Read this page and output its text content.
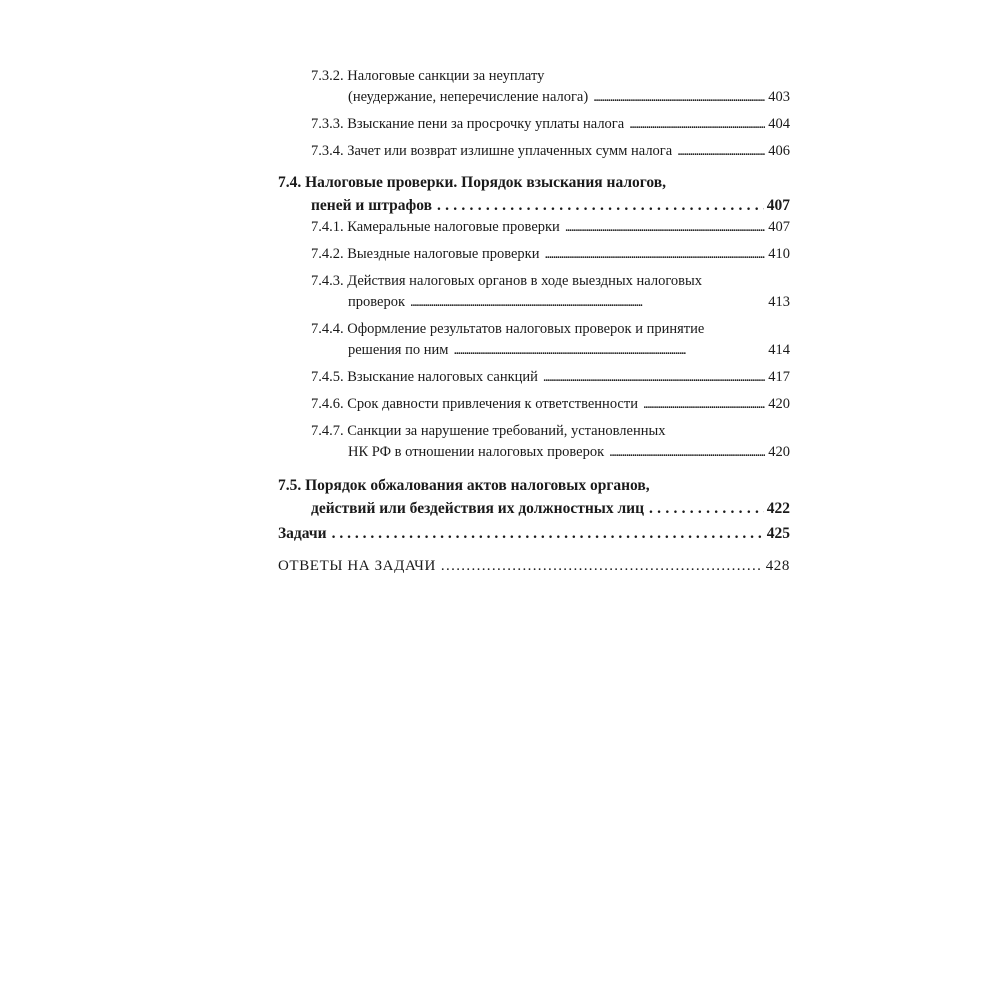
7.3.2. Налоговые санкции за неуплату
(неудержание, неперечисление налога) . . .	403
7.3.3. Взыскание пени за просрочку уплаты налога . . .	404
7.3.4. Зачет или возврат излишне уплаченных сумм налога . . .	406
7.4. Налоговые проверки. Порядок взыскания налогов,
пеней и штрафов . . .	407
7.4.1. Камеральные налоговые проверки . . .	407
7.4.2. Выездные налоговые проверки . . .	410
7.4.3. Действия налоговых органов в ходе выездных налоговых
проверок . . .	413
7.4.4. Оформление результатов налоговых проверок и принятие
решения по ним . . .	414
7.4.5. Взыскание налоговых санкций . . .	417
7.4.6. Срок давности привлечения к ответственности . . .	420
7.4.7. Санкции за нарушение требований, установленных
НК РФ в отношении налоговых проверок . . .	420
7.5. Порядок обжалования актов налоговых органов,
действий или бездействия их должностных лиц . . .	422
Задачи . . .	425
ОТВЕТЫ НА ЗАДАЧИ . . .	428
